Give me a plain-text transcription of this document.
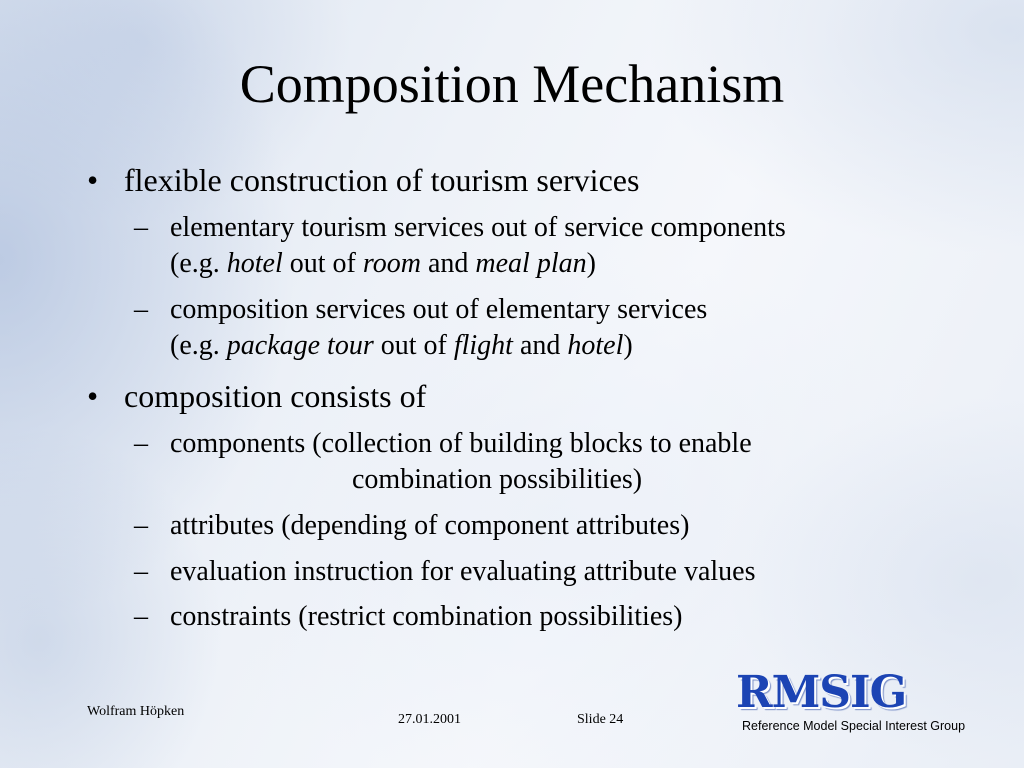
Composition Mechanism
• flexible construction of tourism services
– elementary tourism services out of service components
(e.g. hotel out of room and meal plan)
– composition services out of elementary services
(e.g. package tour out of flight and hotel)
• composition consists of
– components (collection of building blocks to enable
combination possibilities)
– attributes (depending of component attributes)
– evaluation instruction for evaluating attribute values
– constraints (restrict combination possibilities)
Wolfram Höpken
27.01.2001	Slide 24
RMSIG
Reference Model Special Interest Group
